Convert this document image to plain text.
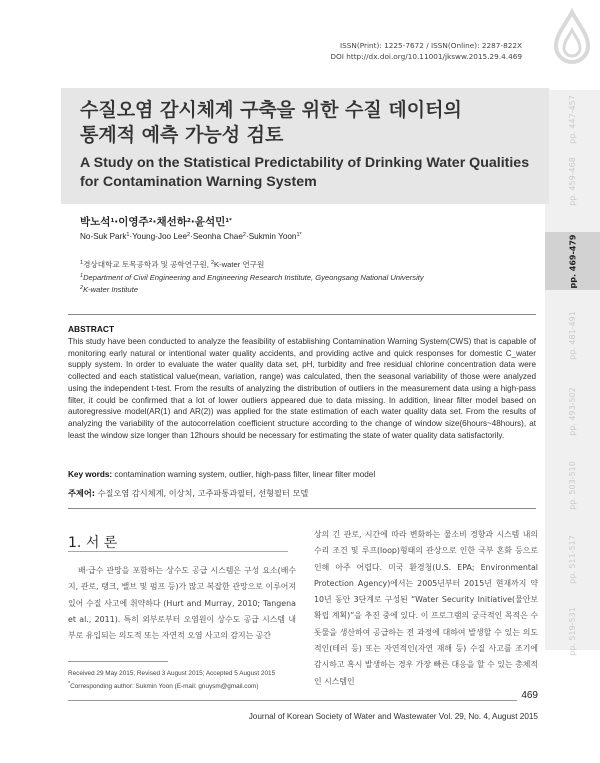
ISSN(Print): 1225-7672 / ISSN(Online): 2287-822X
DOI http://dx.doi.org/10.11001/jksww.2015.29.4.469
pp. 447-457
pp. 459-468
pp. 469-479
pp. 481-491
pp. 493-502
pp. 503-510
pp. 511-517
pp. 519-531
수질오염 감시체계 구축을 위한 수질 데이터의
통계적 예측 가능성 검토
A Study on the Statistical Predictability of Drinking Water Qualities
for Contamination Warning System
박노석$^1$·이영주$^2$·채선하$^2$·윤석민$^{1*}$
No-Suk Park$^1$·Young-Joo Lee$^2$·Seonha Chae$^2$·Sukmin Yoon$^{1*}$
$^1$경상대학교 토목공학과 및 공학연구원, $^2$K-water 연구원
$^1$Department of Civil Engineering and Engineering Research Institute, Gyeongsang National University
$^2$K-water Institute
ABSTRACT
This study have been conducted to analyze the feasibility of establishing Contamination Warning System(CWS) that is capable of monitoring early natural or intentional water quality accidents, and providing active and quick responses for domestic C_water supply system. In order to evaluate the water quality data set, pH, turbidity and free residual chlorine concentration data were collected and each statistical value(mean, variation, range) was calculated, then the seasonal variability of those were analyzed using the independent t-test. From the results of analyzing the distribution of outliers in the measurement data using a high-pass filter, it could be confirmed that a lot of lower outliers appeared due to data missing. In addition, linear filter model based on autoregressive model(AR(1) and AR(2)) was applied for the state estimation of each water quality data set. From the results of analyzing the variability of the autocorrelation coefficient structure according to the change of window size(6hours~48hours), at least the window size longer than 12hours should be necessary for estimating the state of water quality data satisfactorily.
Key words: contamination warning system, outlier, high-pass filter, linear filter model
주제어: 수질오염 감시체계, 이상치, 고주파통과필터, 선형필터 모델
1. 서 론

배·급수 관망을 포함하는 상수도 공급 시스템은 구성 요소(배수지, 관로, 탱크, 밸브 및 펌프 등)가 많고 복잡한 관망으로 이루어져 있어 수질 사고에 취약하다 (Hurt and Murray, 2010; Tangena et al., 2011). 특히 외부로부터 오염원이 상수도 공급 시스템 내부로 유입되는 의도적 또는 자연적 오염 사고의 감지는 공간

상의 긴 관로, 시간에 따라 변화하는 물소비 경향과 시스템 내의 수리 조건 및 루프(loop)형태의 관상으로 인한 국부 혼화 등으로 인해 아주 어렵다. 미국 환경청(U.S. EPA; Environmental Protection Agency)에서는 2005년부터 2015년 현재까지 약 10년 동안 3단계로 구성된 “Water Security Initiative(물안보 확립 계획)”을 추진 중에 있다. 이 프로그램의 궁극적인 목적은 수돗물을 생산하여 공급하는 전 과정에 대하여 발생할 수 있는 의도적인(테러 등) 또는 자연적인(자연 재해 등) 수질 사고를 조기에 감시하고 혹시 발생하는 경우 가장 빠른 대응을 할 수 있는 총체적인 시스템인

Received 29 May 2015; Revised 3 August 2015; Accepted 5 August 2015
*Corresponding author: Sukmin Yoon (E-mail: gnuysm@gmail.com)
469
Journal of Korean Society of Water and Wastewater Vol. 29, No. 4, August 2015
